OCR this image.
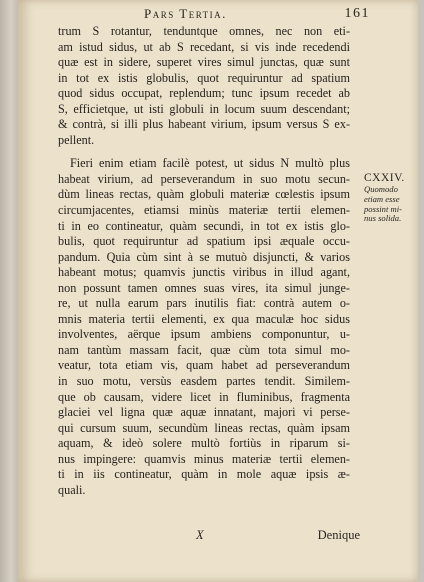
Pars Tertia.	161
trum S rotantur, tenduntque omnes, nec non eti-
am istud sidus, ut ab S recedant, si vis inde recedendi
quæ est in sidere, superet vires simul junctas, quæ sunt
in tot ex istis globulis, quot requiruntur ad spatium
quod sidus occupat, replendum; tunc ipsum recedet ab
S, efficietque, ut isti globuli in locum suum descendant;
& contrà, si illi plus habeant virium, ipsum versus S ex-
pellent.
Fieri enim etiam facilè potest, ut sidus N multò plus
habeat virium, ad perseverandum in suo motu secun-
dùm lineas rectas, quàm globuli materiæ cœlestis ipsum
circumjacentes, etiamsi minùs materiæ tertii elemen-
ti in eo contineatur, quàm secundi, in tot ex istis glo-
bulis, quot requiruntur ad spatium ipsi æquale occu-
pandum. Quia cùm sint à se mutuò disjuncti, & varios
habeant motus; quamvis junctis viribus in illud agant,
non possunt tamen omnes suas vires, ita simul junge-
re, ut nulla earum pars inutilis fiat: contrà autem o-
mnis materia tertii elementi, ex qua maculæ hoc sidus
involventes, aërque ipsum ambiens componuntur, u-
nam tantùm massam facit, quæ cùm tota simul mo-
veatur, tota etiam vis, quam habet ad perseverandum
in suo motu, versùs easdem partes tendit. Similem-
que ob causam, videre licet in fluminibus, fragmenta
glaciei vel ligna quæ aquæ innatant, majori vi perse-
qui cursum suum, secundùm lineas rectas, quàm ipsam
aquam, & ideò solere multò fortiùs in riparum si-
nus impingere: quamvis minus materiæ tertii elemen-
ti in iis contineatur, quàm in mole aquæ ipsis æ-
quali.
CXXIV.
Quomodo
etiam esse
possint mi-
nus solida.
X	Denique
